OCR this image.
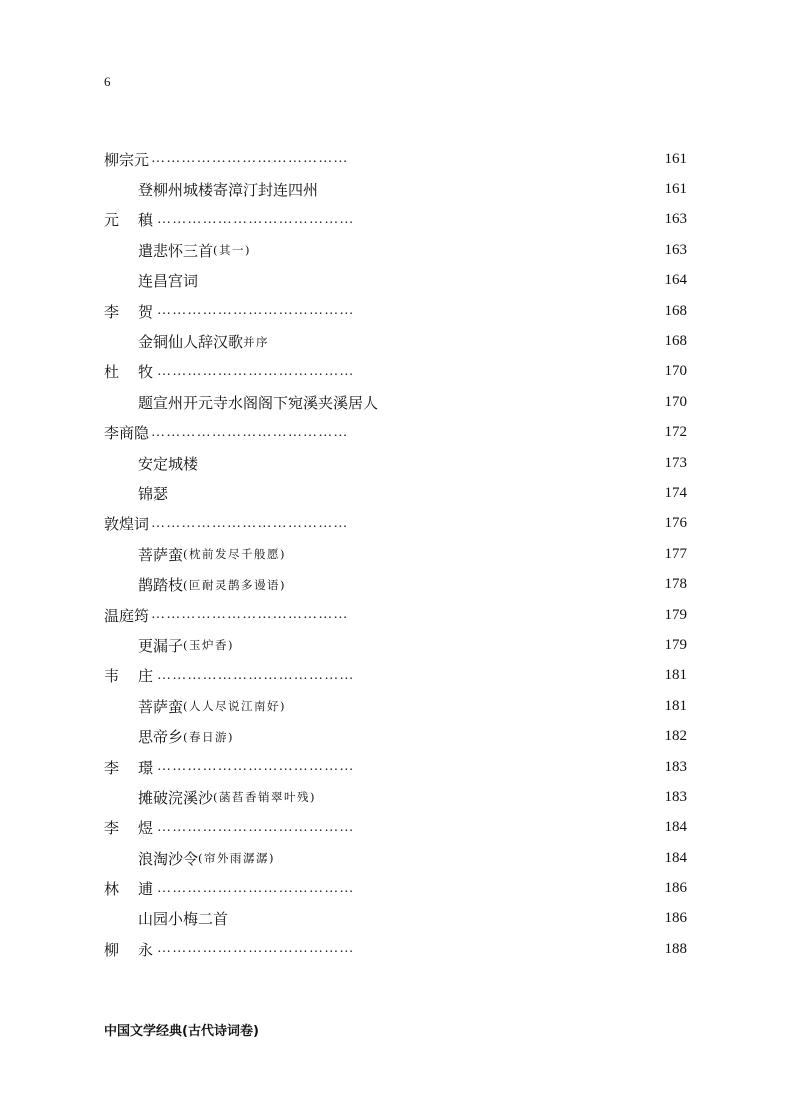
6
柳宗元 …………………………………	161
登柳州城楼寄漳汀封连四州	161
元 稹 …………………………………	163
遣悲怀三首 (其一)	163
连昌宫词	164
李 贺 …………………………………	168
金铜仙人辞汉歌 并序	168
杜 牧 …………………………………	170
题宣州开元寺水阁阁下宛溪夹溪居人	170
李商隐 …………………………………	172
安定城楼	173
锦瑟	174
敦煌词 …………………………………	176
菩萨蛮 (枕前发尽千般愿)	177
鹊踏枝 (叵耐灵鹊多谩语)	178
温庭筠 …………………………………	179
更漏子 (玉炉香)	179
韦 庄 …………………………………	181
菩萨蛮 (人人尽说江南好)	181
思帝乡 (春日游)	182
李 璟 …………………………………	183
摊破浣溪沙 (菡萏香销翠叶残)	183
李 煜 …………………………………	184
浪淘沙令 (帘外雨潺潺)	184
林 逋 …………………………………	186
山园小梅二首	186
柳 永 …………………………………	188
中国文学经典(古代诗词卷)
